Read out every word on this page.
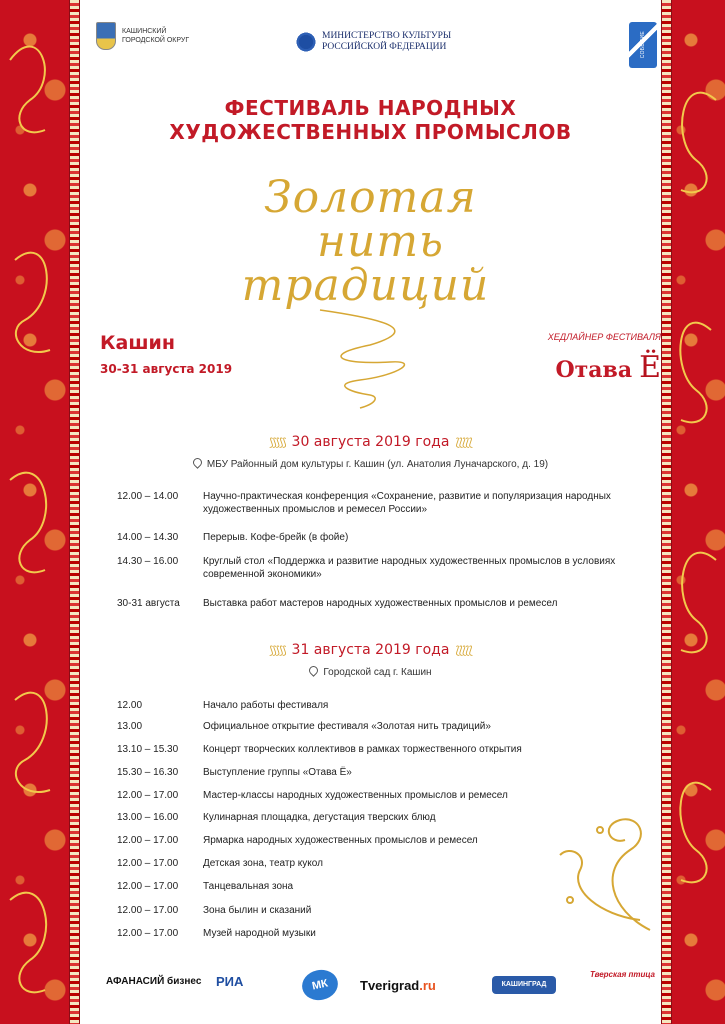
КАШИНСКИЙ ГОРОДСКОЙ ОКРУГ	МИНИСТЕРСТВО КУЛЬТУРЫ РОССИЙСКОЙ ФЕДЕРАЦИИ	СОБЫТИЕ
ФЕСТИВАЛЬ НАРОДНЫХ
ХУДОЖЕСТВЕННЫХ ПРОМЫСЛОВ
Золотая
нить
традиций
Кашин
30-31 августа 2019
ХЕДЛАЙНЕР ФЕСТИВАЛЯ
Отава Ё
⟆⟆⟆⟆⟆ 30 августа 2019 года ⟅⟅⟅⟅⟅
МБУ Районный дом культуры г. Кашин (ул. Анатолия Луначарского, д. 19)
12.00 – 14.00	Научно-практическая конференция «Сохранение, развитие и популяризация народных художественных промыслов и ремесел России»
14.00 – 14.30	Перерыв. Кофе-брейк (в фойе)
14.30 – 16.00	Круглый стол «Поддержка и развитие народных художественных промыслов в условиях современной экономики»
30-31 августа	Выставка работ мастеров народных художественных промыслов и ремесел
⟆⟆⟆⟆⟆ 31 августа 2019 года ⟅⟅⟅⟅⟅
Городской сад г. Кашин
12.00	Начало работы фестиваля
13.00	Официальное открытие фестиваля «Золотая нить традиций»
13.10 – 15.30	Концерт творческих коллективов в рамках торжественного открытия
15.30 – 16.30	Выступление группы «Отава Ё»
12.00 – 17.00	Мастер-классы народных художественных промыслов и ремесел
13.00 – 16.00	Кулинарная площадка, дегустация тверских блюд
12.00 – 17.00	Ярмарка народных художественных промыслов и ремесел
12.00 – 17.00	Детская зона, театр кукол
12.00 – 17.00	Танцевальная зона
12.00 – 17.00	Зона былин и сказаний
12.00 – 17.00	Музей народной музыки
АФАНАСИЙ бизнес РИА	МК	Tverigrad.ru	КАШИНГРАД
Тверская птица
